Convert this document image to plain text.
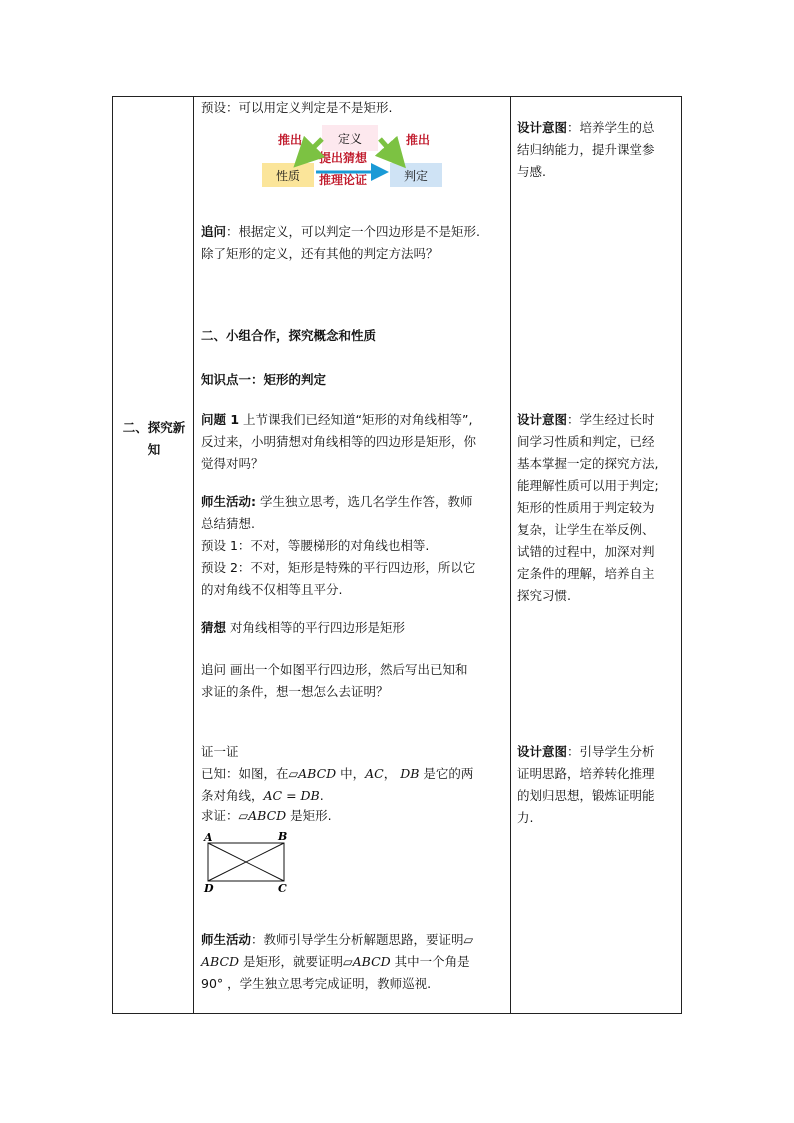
二、探究新
知

预设：可以用定义判定是不是矩形.
定义
性质	判定
推出	推出
提出猜想
推理论证
追问：根据定义，可以判定一个四边形是不是矩形.
除了矩形的定义，还有其他的判定方法吗？
二、小组合作，探究概念和性质
知识点一：矩形的判定
问题 1 上节课我们已经知道“矩形的对角线相等”,
反过来，小明猜想对角线相等的四边形是矩形，你
觉得对吗？
师生活动: 学生独立思考，选几名学生作答，教师
总结猜想.
预设 1：不对，等腰梯形的对角线也相等.
预设 2：不对，矩形是特殊的平行四边形，所以它
的对角线不仅相等且平分.
猜想 对角线相等的平行四边形是矩形
追问 画出一个如图平行四边形，然后写出已知和
求证的条件，想一想怎么去证明？
证一证
已知：如图，在▱ABCD 中，AC， DB 是它的两
条对角线，AC = DB.
求证：▱ABCD 是矩形.
A	B
D	C
师生活动：教师引导学生分析解题思路，要证明▱
ABCD 是矩形，就要证明▱ABCD 其中一个角是
90° ，学生独立思考完成证明，教师巡视.

设计意图：培养学生的总
结归纳能力，提升课堂参
与感.
设计意图：学生经过长时
间学习性质和判定，已经
基本掌握一定的探究方法,
能理解性质可以用于判定;
矩形的性质用于判定较为
复杂，让学生在举反例、
试错的过程中，加深对判
定条件的理解，培养自主
探究习惯.
设计意图：引导学生分析
证明思路，培养转化推理
的划归思想，锻炼证明能
力.
